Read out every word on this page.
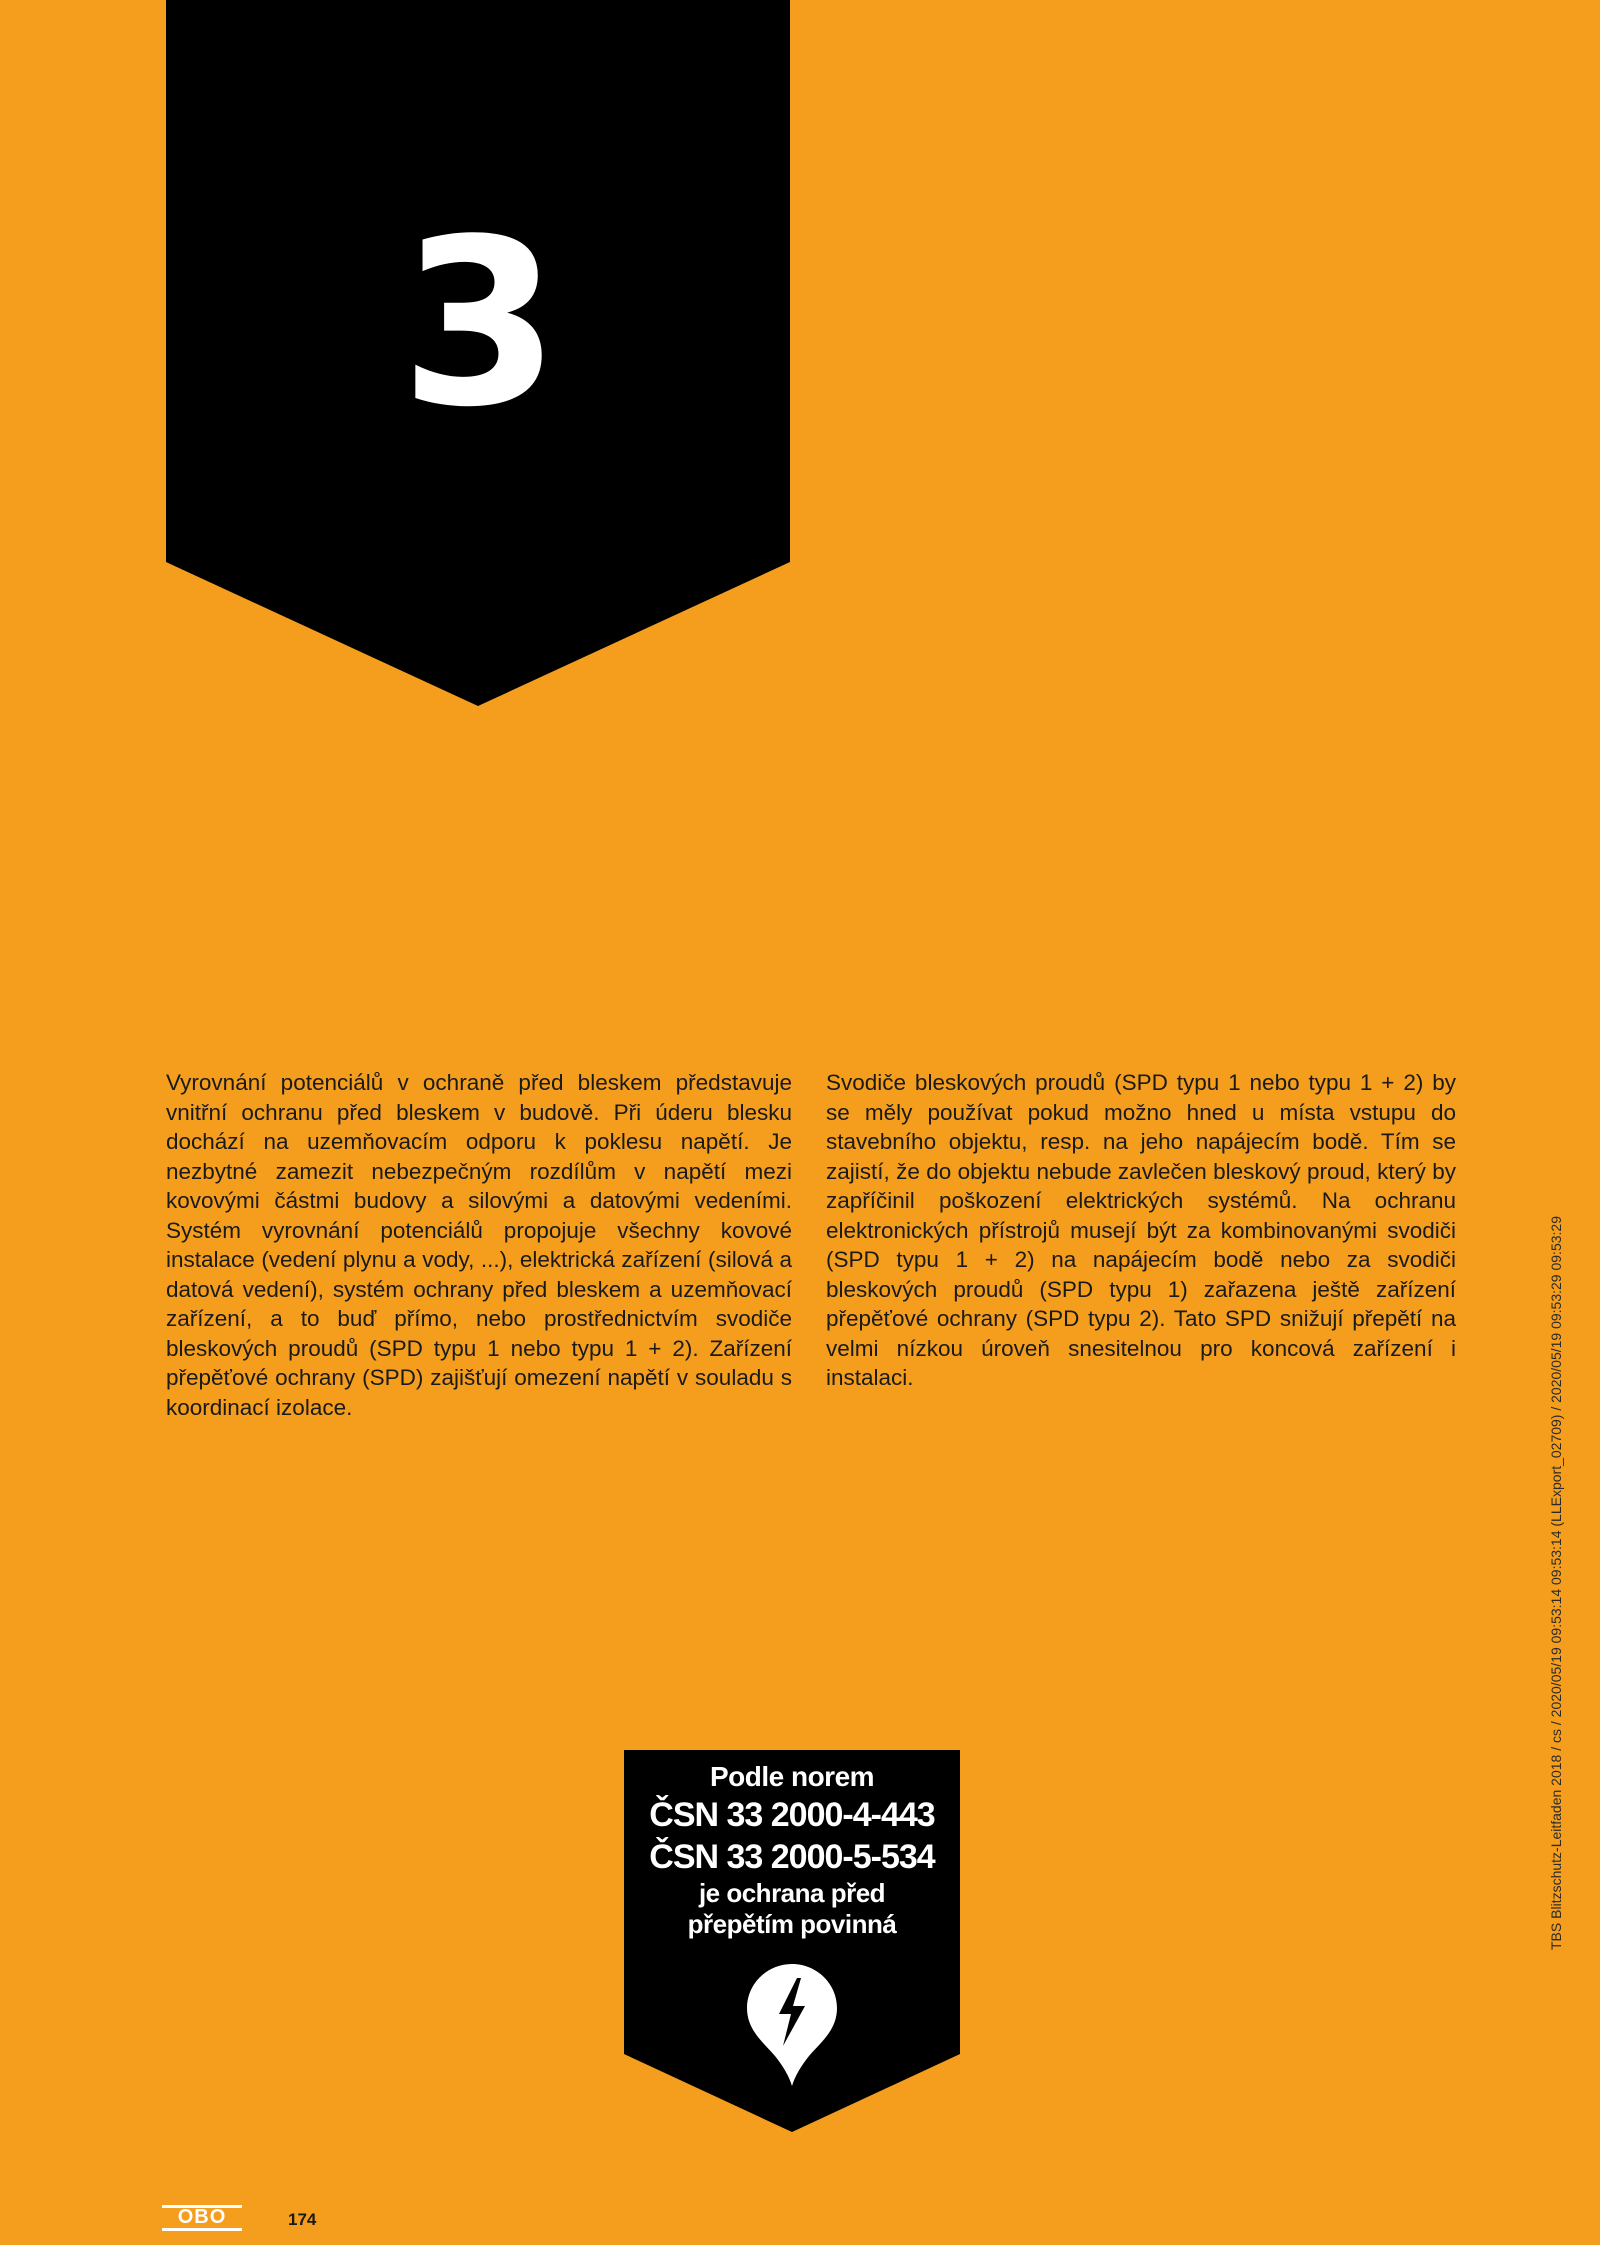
3
Vyrovnání potenciálů v ochraně před bleskem představuje vnitřní ochranu před bleskem v budově. Při úderu blesku dochází na uzemňovacím odporu k poklesu napětí. Je nezbytné zamezit nebezpečným rozdílům v napětí mezi kovovými částmi budovy a silovými a datovými vedeními. Systém vyrovnání potenciálů propojuje všechny kovové instalace (vedení plynu a vody, ...), elektrická zařízení (silová a datová vedení), systém ochrany před bleskem a uzemňovací zařízení, a to buď přímo, nebo prostřednictvím svodiče bleskových proudů (SPD typu 1 nebo typu 1 + 2). Zařízení přepěťové ochrany (SPD) zajišťují omezení napětí v souladu s koordinací izolace.
Svodiče bleskových proudů (SPD typu 1 nebo typu 1 + 2) by se měly používat pokud možno hned u místa vstupu do stavebního objektu, resp. na jeho napájecím bodě. Tím se zajistí, že do objektu nebude zavlečen bleskový proud, který by zapříčinil poškození elektrických systémů. Na ochranu elektronických přístrojů musejí být za kombinovanými svodiči (SPD typu 1 + 2) na napájecím bodě nebo za svodiči bleskových proudů (SPD typu 1) zařazena ještě zařízení přepěťové ochrany (SPD typu 2). Tato SPD snižují přepětí na velmi nízkou úroveň snesitelnou pro koncová zařízení i instalaci.
Podle norem
ČSN 33 2000-4-443
ČSN 33 2000-5-534
je ochrana před
přepětím povinná	TBS Blitzschutz-Leitfaden 2018 / cs / 2020/05/19 09:53:14 09:53:14 (LLExport_02709) / 2020/05/19 09:53:29 09:53:29
OBO	174
